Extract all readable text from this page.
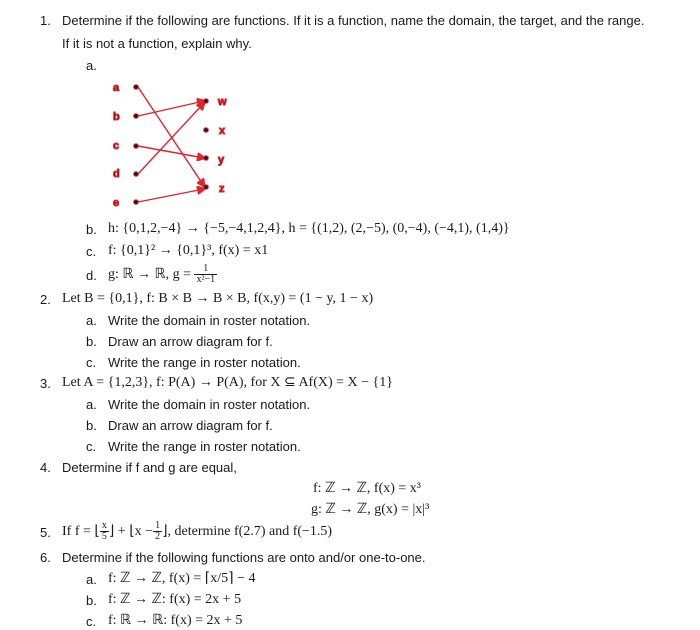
1. Determine if the following are functions. If it is a function, name the domain, the target, and the range.
If it is not a function, explain why.
a.
a
b
c
d
e
w
x
y
z
b. h: {0,1,2,−4} → {−5,−4,1,2,4}, h = {(1,2), (2,−5), (0,−4), (−4,1), (1,4)}
c. f: {0,1}² → {0,1}³, f(x) = x1
d. g: ℝ → ℝ, $g = \frac{1}{\text{x²−1}}$
2. Let B = {0,1}, f: B × B → B × B, f(x,y) = (1 − y, 1 − x)
a. Write the domain in roster notation.
b. Draw an arrow diagram for f.
c. Write the range in roster notation.
3. Let A = {1,2,3}, f: P(A) → P(A), for X ⊆ Af(X) = X − {1}
a. Write the domain in roster notation.
b. Draw an arrow diagram for f.
c. Write the range in roster notation.
4. Determine if f and g are equal,
f: ℤ → ℤ, f(x) = x³
g: ℤ → ℤ, g(x) = |x|³
5. If f = ⌊ $\frac{x}{5}$ ⌋ + ⌊x − $\frac{1}{2}$ ⌋, determine f(2.7) and f(−1.5)
6. Determine if the following functions are onto and/or one-to-one.
a. f: ℤ → ℤ, f(x) = ⌈x/5⌉ − 4
b. f: ℤ → ℤ: f(x) = 2x + 5
c. f: ℝ → ℝ: f(x) = 2x + 5
